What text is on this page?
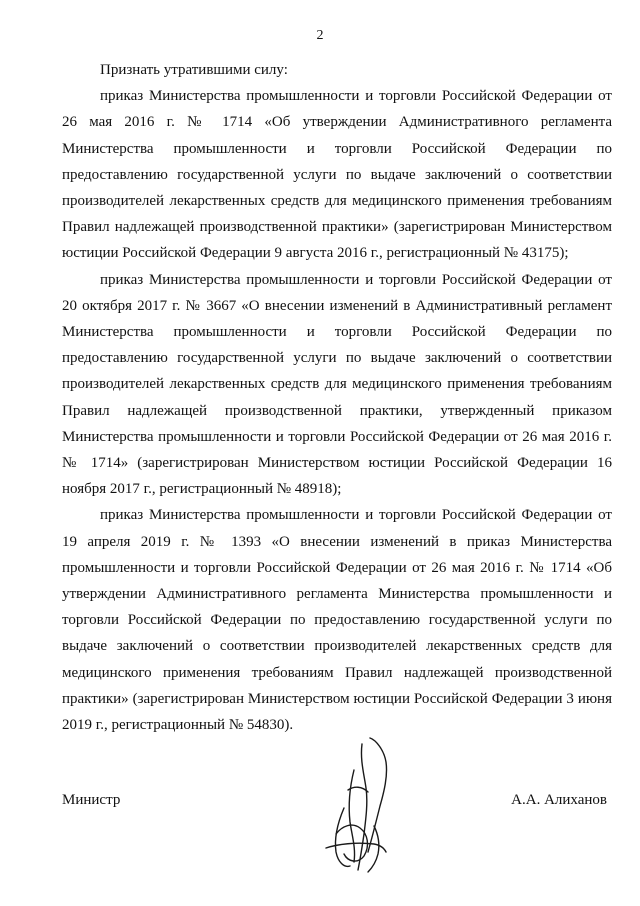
2

Признать утратившими силу:

приказ Министерства промышленности и торговли Российской Федерации от 26 мая 2016 г. № 1714 «Об утверждении Административного регламента Министерства промышленности и торговли Российской Федерации по предоставлению государственной услуги по выдаче заключений о соответствии производителей лекарственных средств для медицинского применения требованиям Правил надлежащей производственной практики» (зарегистрирован Министерством юстиции Российской Федерации 9 августа 2016 г., регистрационный № 43175);

приказ Министерства промышленности и торговли Российской Федерации от 20 октября 2017 г. № 3667 «О внесении изменений в Административный регламент Министерства промышленности и торговли Российской Федерации по предоставлению государственной услуги по выдаче заключений о соответствии производителей лекарственных средств для медицинского применения требованиям Правил надлежащей производственной практики, утвержденный приказом Министерства промышленности и торговли Российской Федерации от 26 мая 2016 г. № 1714» (зарегистрирован Министерством юстиции Российской Федерации 16 ноября 2017 г., регистрационный № 48918);

приказ Министерства промышленности и торговли Российской Федерации от 19 апреля 2019 г. № 1393 «О внесении изменений в приказ Министерства промышленности и торговли Российской Федерации от 26 мая 2016 г. № 1714 «Об утверждении Административного регламента Министерства промышленности и торговли Российской Федерации по предоставлению государственной услуги по выдаче заключений о соответствии производителей лекарственных средств для медицинского применения требованиям Правил надлежащей производственной практики» (зарегистрирован Министерством юстиции Российской Федерации 3 июня 2019 г., регистрационный № 54830).

Министр	А.А. Алиханов
